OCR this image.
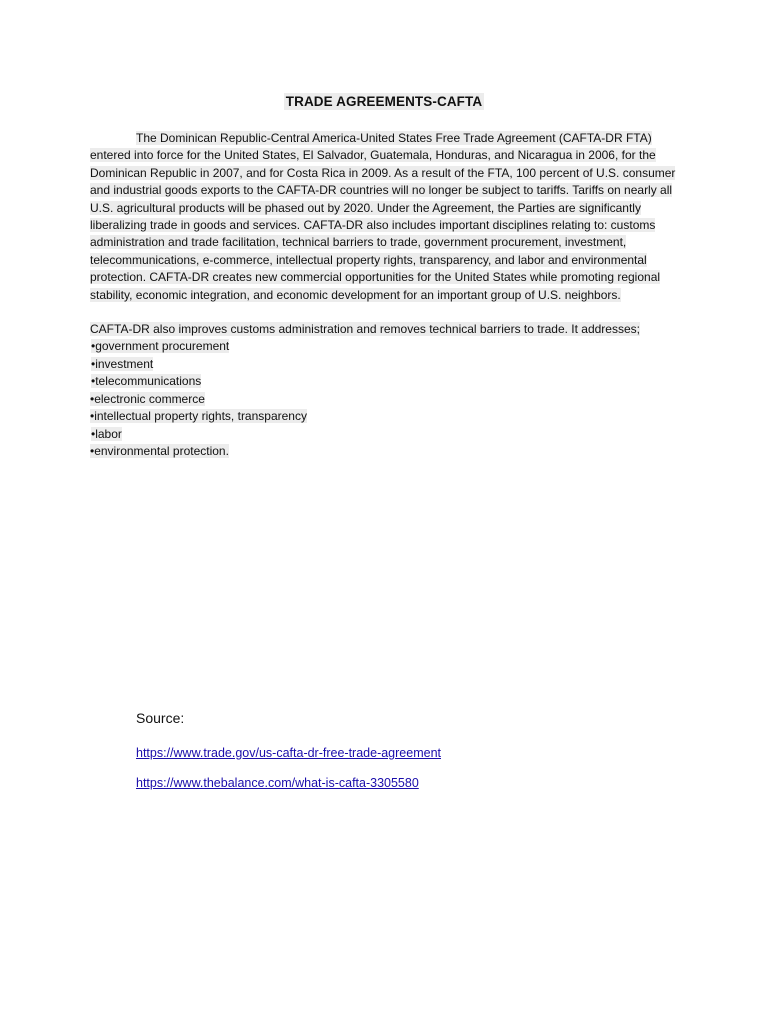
TRADE AGREEMENTS-CAFTA

The Dominican Republic-Central America-United States Free Trade Agreement (CAFTA-DR FTA) entered into force for the United States, El Salvador, Guatemala, Honduras, and Nicaragua in 2006, for the Dominican Republic in 2007, and for Costa Rica in 2009. As a result of the FTA, 100 percent of U.S. consumer and industrial goods exports to the CAFTA-DR countries will no longer be subject to tariffs. Tariffs on nearly all U.S. agricultural products will be phased out by 2020. Under the Agreement, the Parties are significantly liberalizing trade in goods and services. CAFTA-DR also includes important disciplines relating to: customs administration and trade facilitation, technical barriers to trade, government procurement, investment, telecommunications, e-commerce, intellectual property rights, transparency, and labor and environmental protection. CAFTA-DR creates new commercial opportunities for the United States while promoting regional stability, economic integration, and economic development for an important group of U.S. neighbors.

CAFTA-DR also improves customs administration and removes technical barriers to trade. It addresses;

•government procurement
•investment
•telecommunications
•electronic commerce
•intellectual property rights, transparency
•labor
•environmental protection.
Source:
https://www.trade.gov/us-cafta-dr-free-trade-agreement
https://www.thebalance.com/what-is-cafta-3305580
